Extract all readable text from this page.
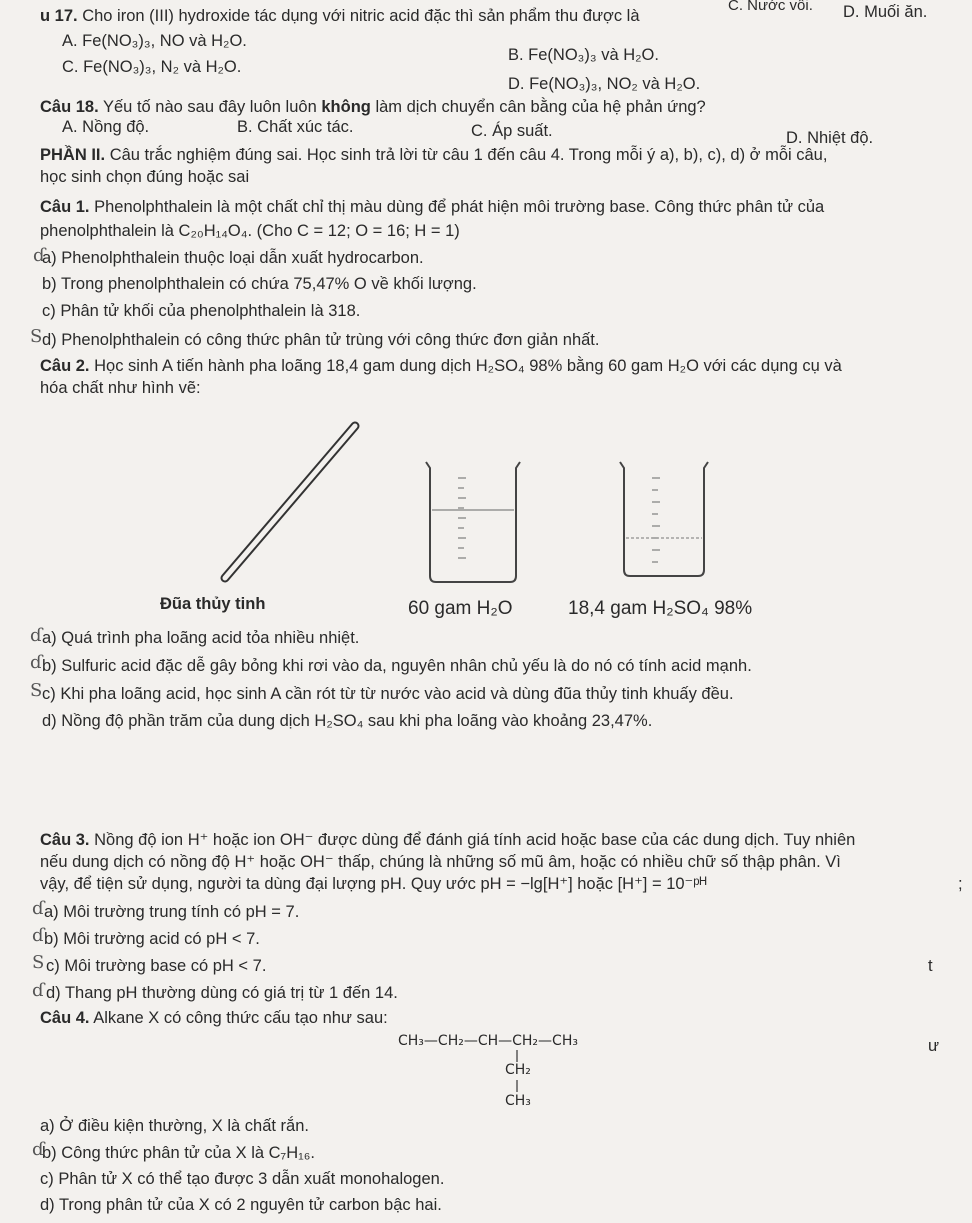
C. Nước vôi. D. Muối ăn.
u 17. Cho iron (III) hydroxide tác dụng với nitric acid đặc thì sản phẩm thu được là
A. Fe(NO₃)₃, NO và H₂O.
B. Fe(NO₃)₃ và H₂O.
C. Fe(NO₃)₃, N₂ và H₂O.
D. Fe(NO₃)₃, NO₂ và H₂O.
Câu 18. Yếu tố nào sau đây luôn luôn không làm dịch chuyển cân bằng của hệ phản ứng?
A. Nồng độ.	B. Chất xúc tác.	C. Áp suất.	D. Nhiệt độ.
PHẦN II. Câu trắc nghiệm đúng sai. Học sinh trả lời từ câu 1 đến câu 4. Trong mỗi ý a), b), c), d) ở mỗi câu,
học sinh chọn đúng hoặc sai
Câu 1. Phenolphthalein là một chất chỉ thị màu dùng để phát hiện môi trường base. Công thức phân tử của
phenolphthalein là C₂₀H₁₄O₄. (Cho C = 12; O = 16; H = 1)
ɗ
a) Phenolphthalein thuộc loại dẫn xuất hydrocarbon.
b) Trong phenolphthalein có chứa 75,47% O về khối lượng.
c) Phân tử khối của phenolphthalein là 318.
S d) Phenolphthalein có công thức phân tử trùng với công thức đơn giản nhất.
Câu 2. Học sinh A tiến hành pha loãng 18,4 gam dung dịch H₂SO₄ 98% bằng 60 gam H₂O với các dụng cụ và
hóa chất như hình vẽ:
Đũa thủy tinh	60 gam H₂O	18,4 gam H₂SO₄ 98%
ɗ a) Quá trình pha loãng acid tỏa nhiều nhiệt.
ɗ b) Sulfuric acid đặc dễ gây bỏng khi rơi vào da, nguyên nhân chủ yếu là do nó có tính acid mạnh.
S c) Khi pha loãng acid, học sinh A cần rót từ từ nước vào acid và dùng đũa thủy tinh khuấy đều.
d) Nồng độ phần trăm của dung dịch H₂SO₄ sau khi pha loãng vào khoảng 23,47%.
Câu 3. Nồng độ ion H⁺ hoặc ion OH⁻ được dùng để đánh giá tính acid hoặc base của các dung dịch. Tuy nhiên
nếu dung dịch có nồng độ H⁺ hoặc OH⁻ thấp, chúng là những số mũ âm, hoặc có nhiều chữ số thập phân. Vì
vậy, để tiện sử dụng, người ta dùng đại lượng pH. Quy ước pH = −lg[H⁺] hoặc [H⁺] = 10⁻ᵖᴴ	;
ɗ a) Môi trường trung tính có pH = 7.
ɗ b) Môi trường acid có pH < 7.
S c) Môi trường base có pH < 7.	t
ɗ d) Thang pH thường dùng có giá trị từ 1 đến 14.
Câu 4. Alkane X có công thức cấu tạo như sau:
CH₃—CH₂—CH—CH₂—CH₃
CH₂
CH₃
ư
a) Ở điều kiện thường, X là chất rắn.
ɗ
b) Công thức phân tử của X là C₇H₁₆.
c) Phân tử X có thể tạo được 3 dẫn xuất monohalogen.
d) Trong phân tử của X có 2 nguyên tử carbon bậc hai.
